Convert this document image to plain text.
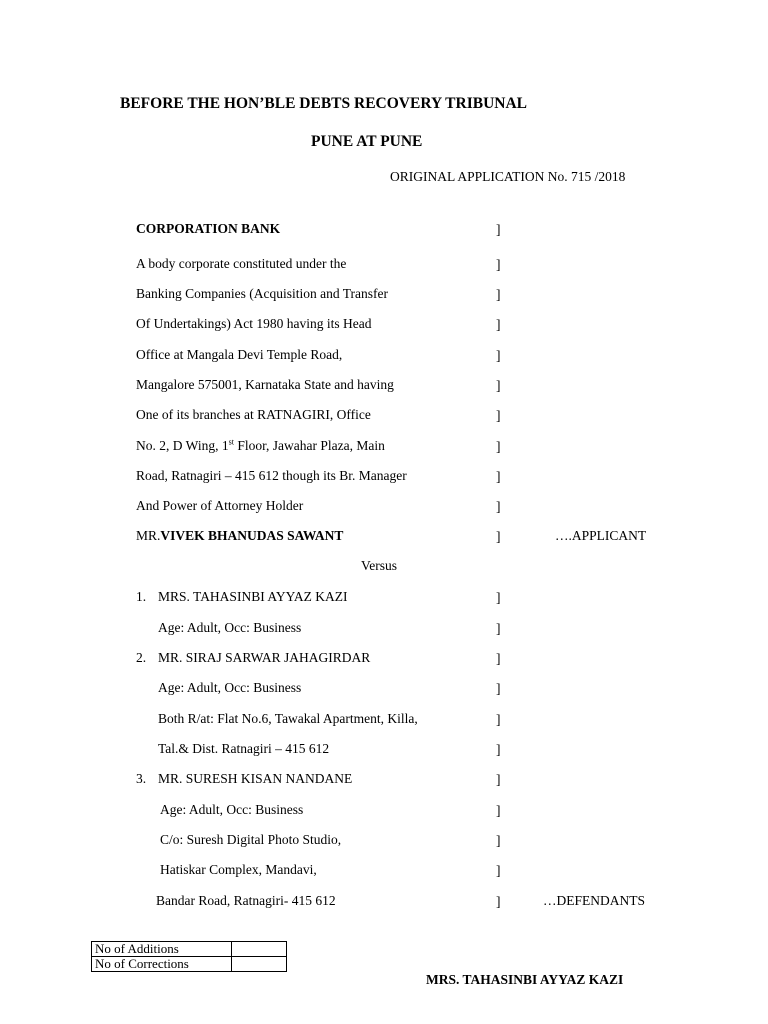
BEFORE THE HON’BLE DEBTS RECOVERY TRIBUNAL
PUNE AT PUNE
ORIGINAL APPLICATION No. 715 /2018
CORPORATION BANK	]
A body corporate constituted under the	]
Banking Companies (Acquisition and Transfer	]
Of Undertakings) Act 1980 having its Head	]
Office at Mangala Devi Temple Road,	]
Mangalore 575001, Karnataka State and having	]
One of its branches at RATNAGIRI, Office	]
No. 2, D Wing, 1st Floor, Jawahar Plaza, Main	]
Road, Ratnagiri – 415 612 though its Br. Manager	]
And Power of Attorney Holder	]
MR.VIVEK BHANUDAS SAWANT	]	….APPLICANT
Versus
1. MRS. TAHASINBI AYYAZ KAZI	]
Age: Adult, Occ: Business	]
2. MR. SIRAJ SARWAR JAHAGIRDAR	]
Age: Adult, Occ: Business	]
Both R/at: Flat No.6, Tawakal Apartment, Killa,	]
Tal.& Dist. Ratnagiri – 415 612	]
3. MR. SURESH KISAN NANDANE	]
Age: Adult, Occ: Business	]
C/o: Suresh Digital Photo Studio,	]
Hatiskar Complex, Mandavi,	]
Bandar Road, Ratnagiri- 415 612	]	…DEFENDANTS
No of Additions	
No of Corrections	
MRS. TAHASINBI AYYAZ KAZI
